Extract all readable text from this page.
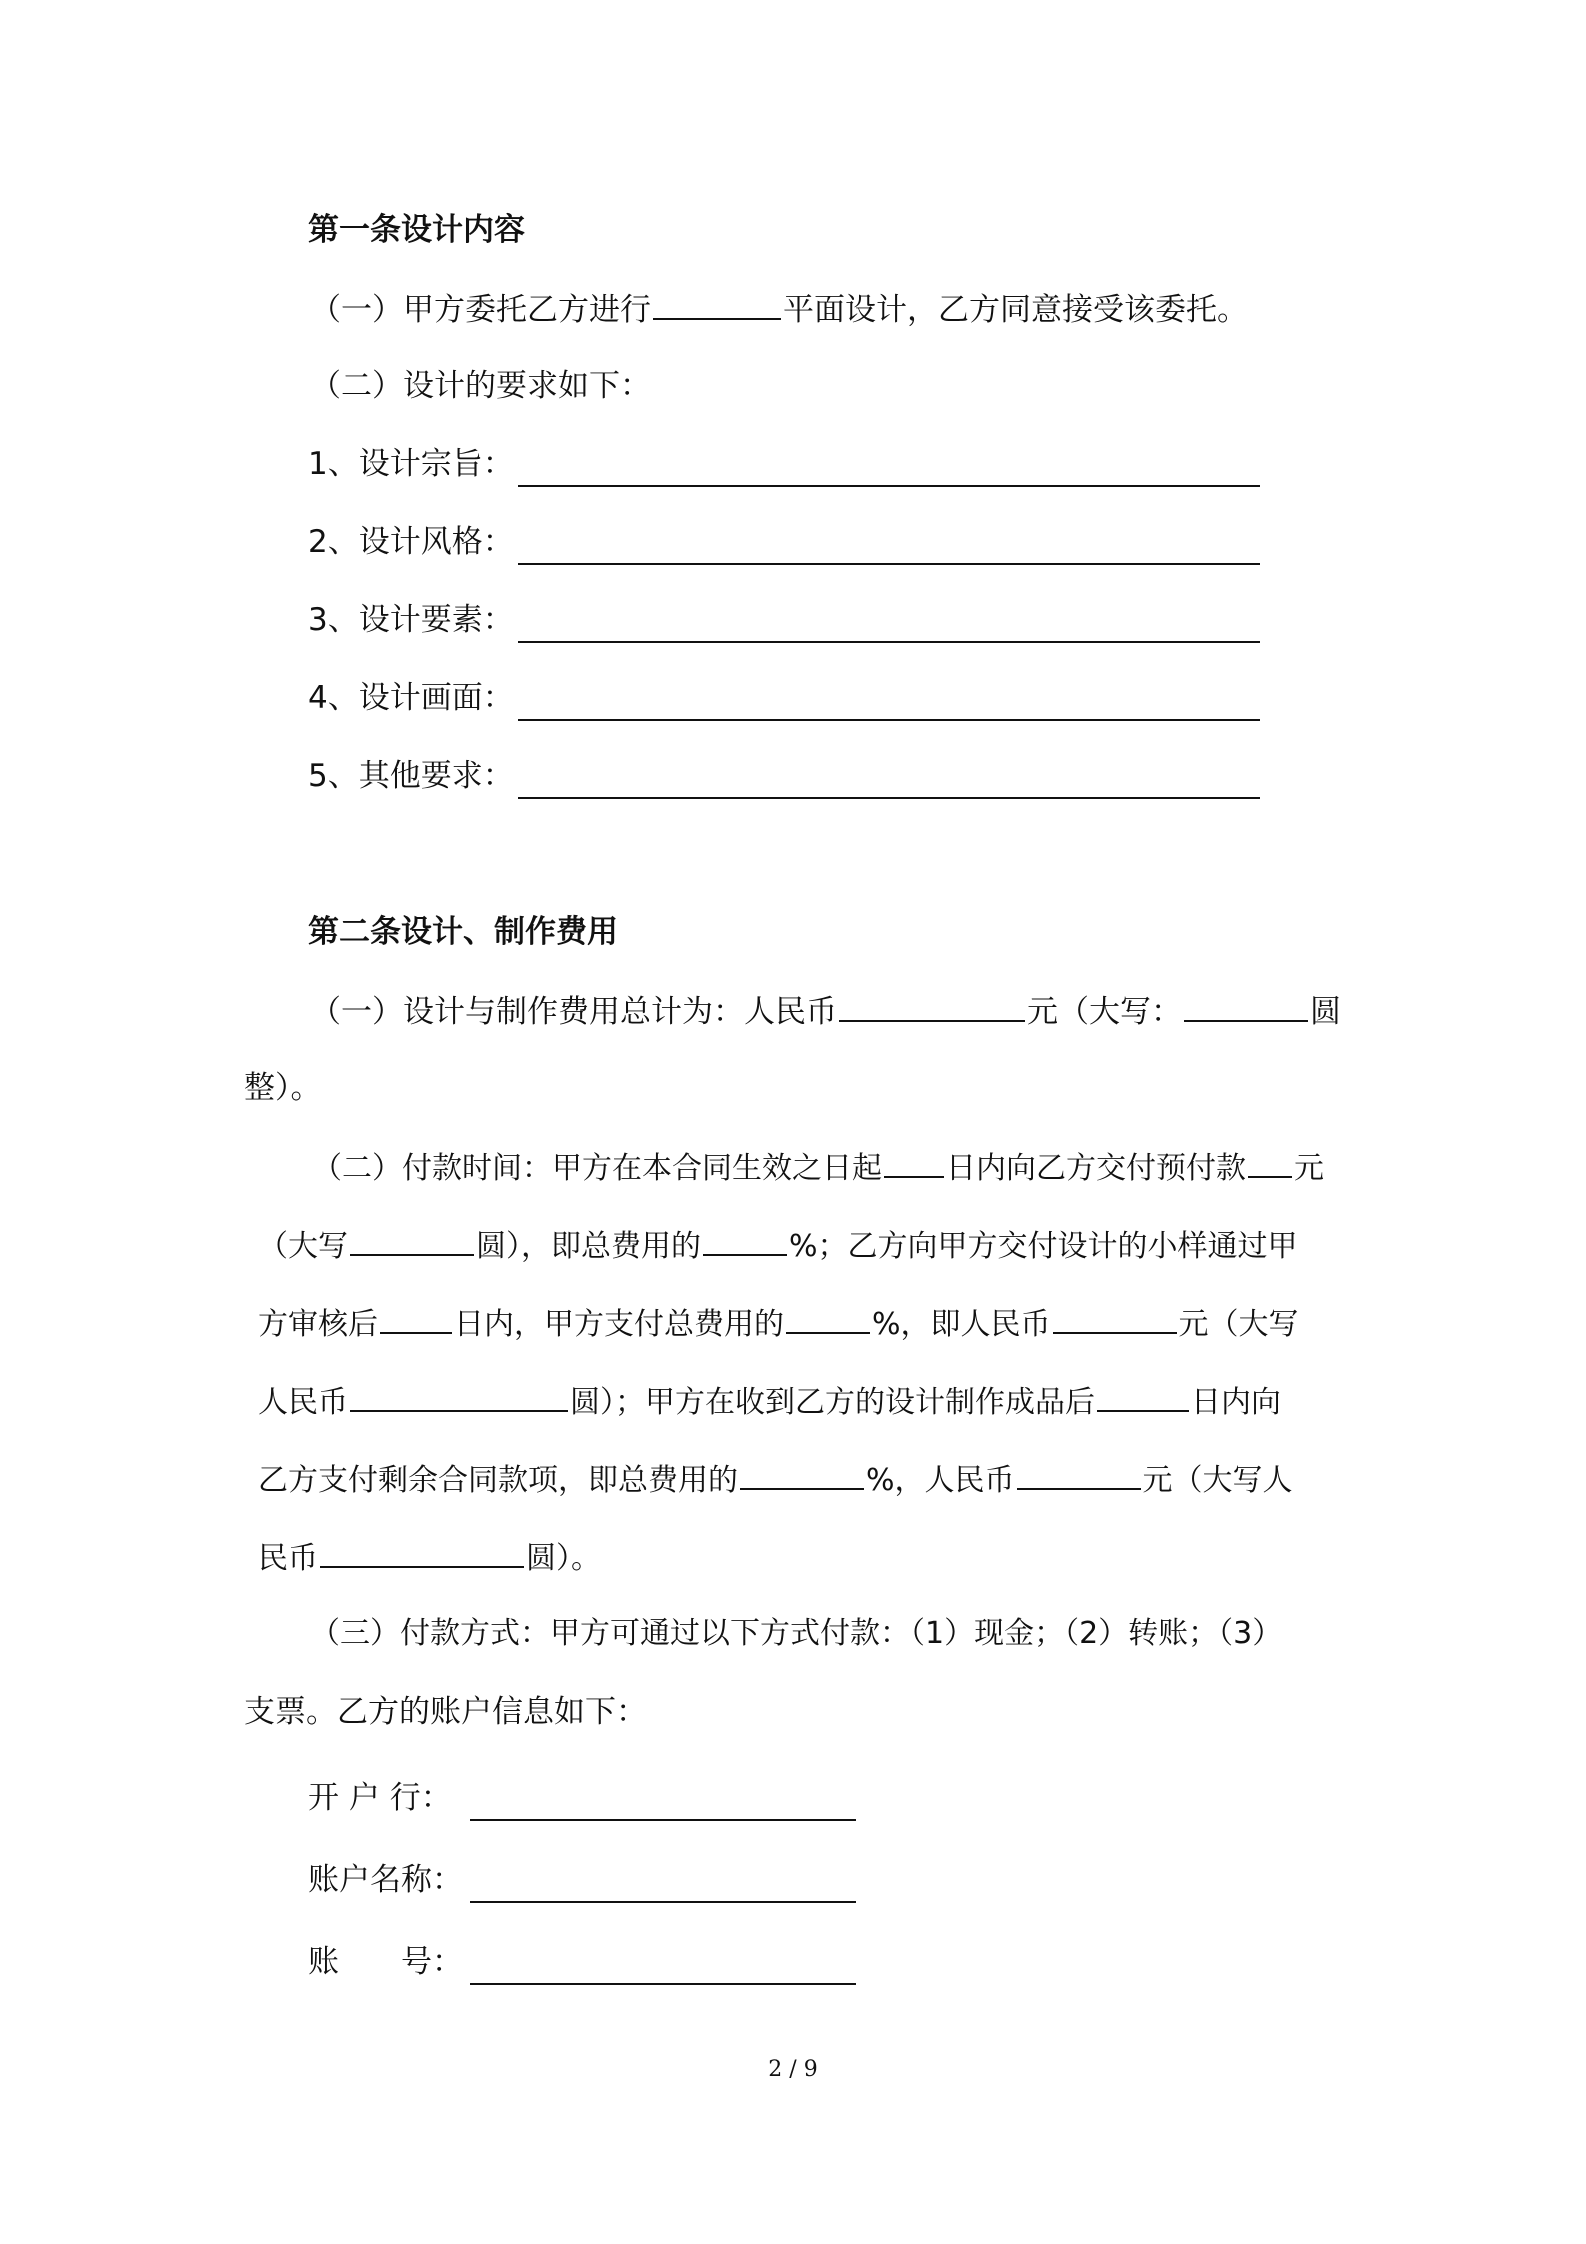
第一条设计内容
（一）甲方委托乙方进行	平面设计，乙方同意接受该委托。
（二）设计的要求如下：
1、设计宗旨：
2、设计风格：
3、设计要素：
4、设计画面：
5、其他要求：
第二条设计、制作费用
（一）设计与制作费用总计为：人民币	元（大写：	圆
整）。
（二）付款时间：甲方在本合同生效之日起 日内向乙方交付预付款 元
（大写	圆），即总费用的	%；乙方向甲方交付设计的小样通过甲
方审核后	日内，甲方支付总费用的	%，即人民币	元（大写
人民币	圆）；甲方在收到乙方的设计制作成品后	日内向
乙方支付剩余合同款项，即总费用的	%，人民币	元（大写人
民币	圆）。
（三）付款方式：甲方可通过以下方式付款：（1）现金；（2）转账；（3）
支票。乙方的账户信息如下：
开 户 行：
账户名称：
账　　号：
2 / 9
